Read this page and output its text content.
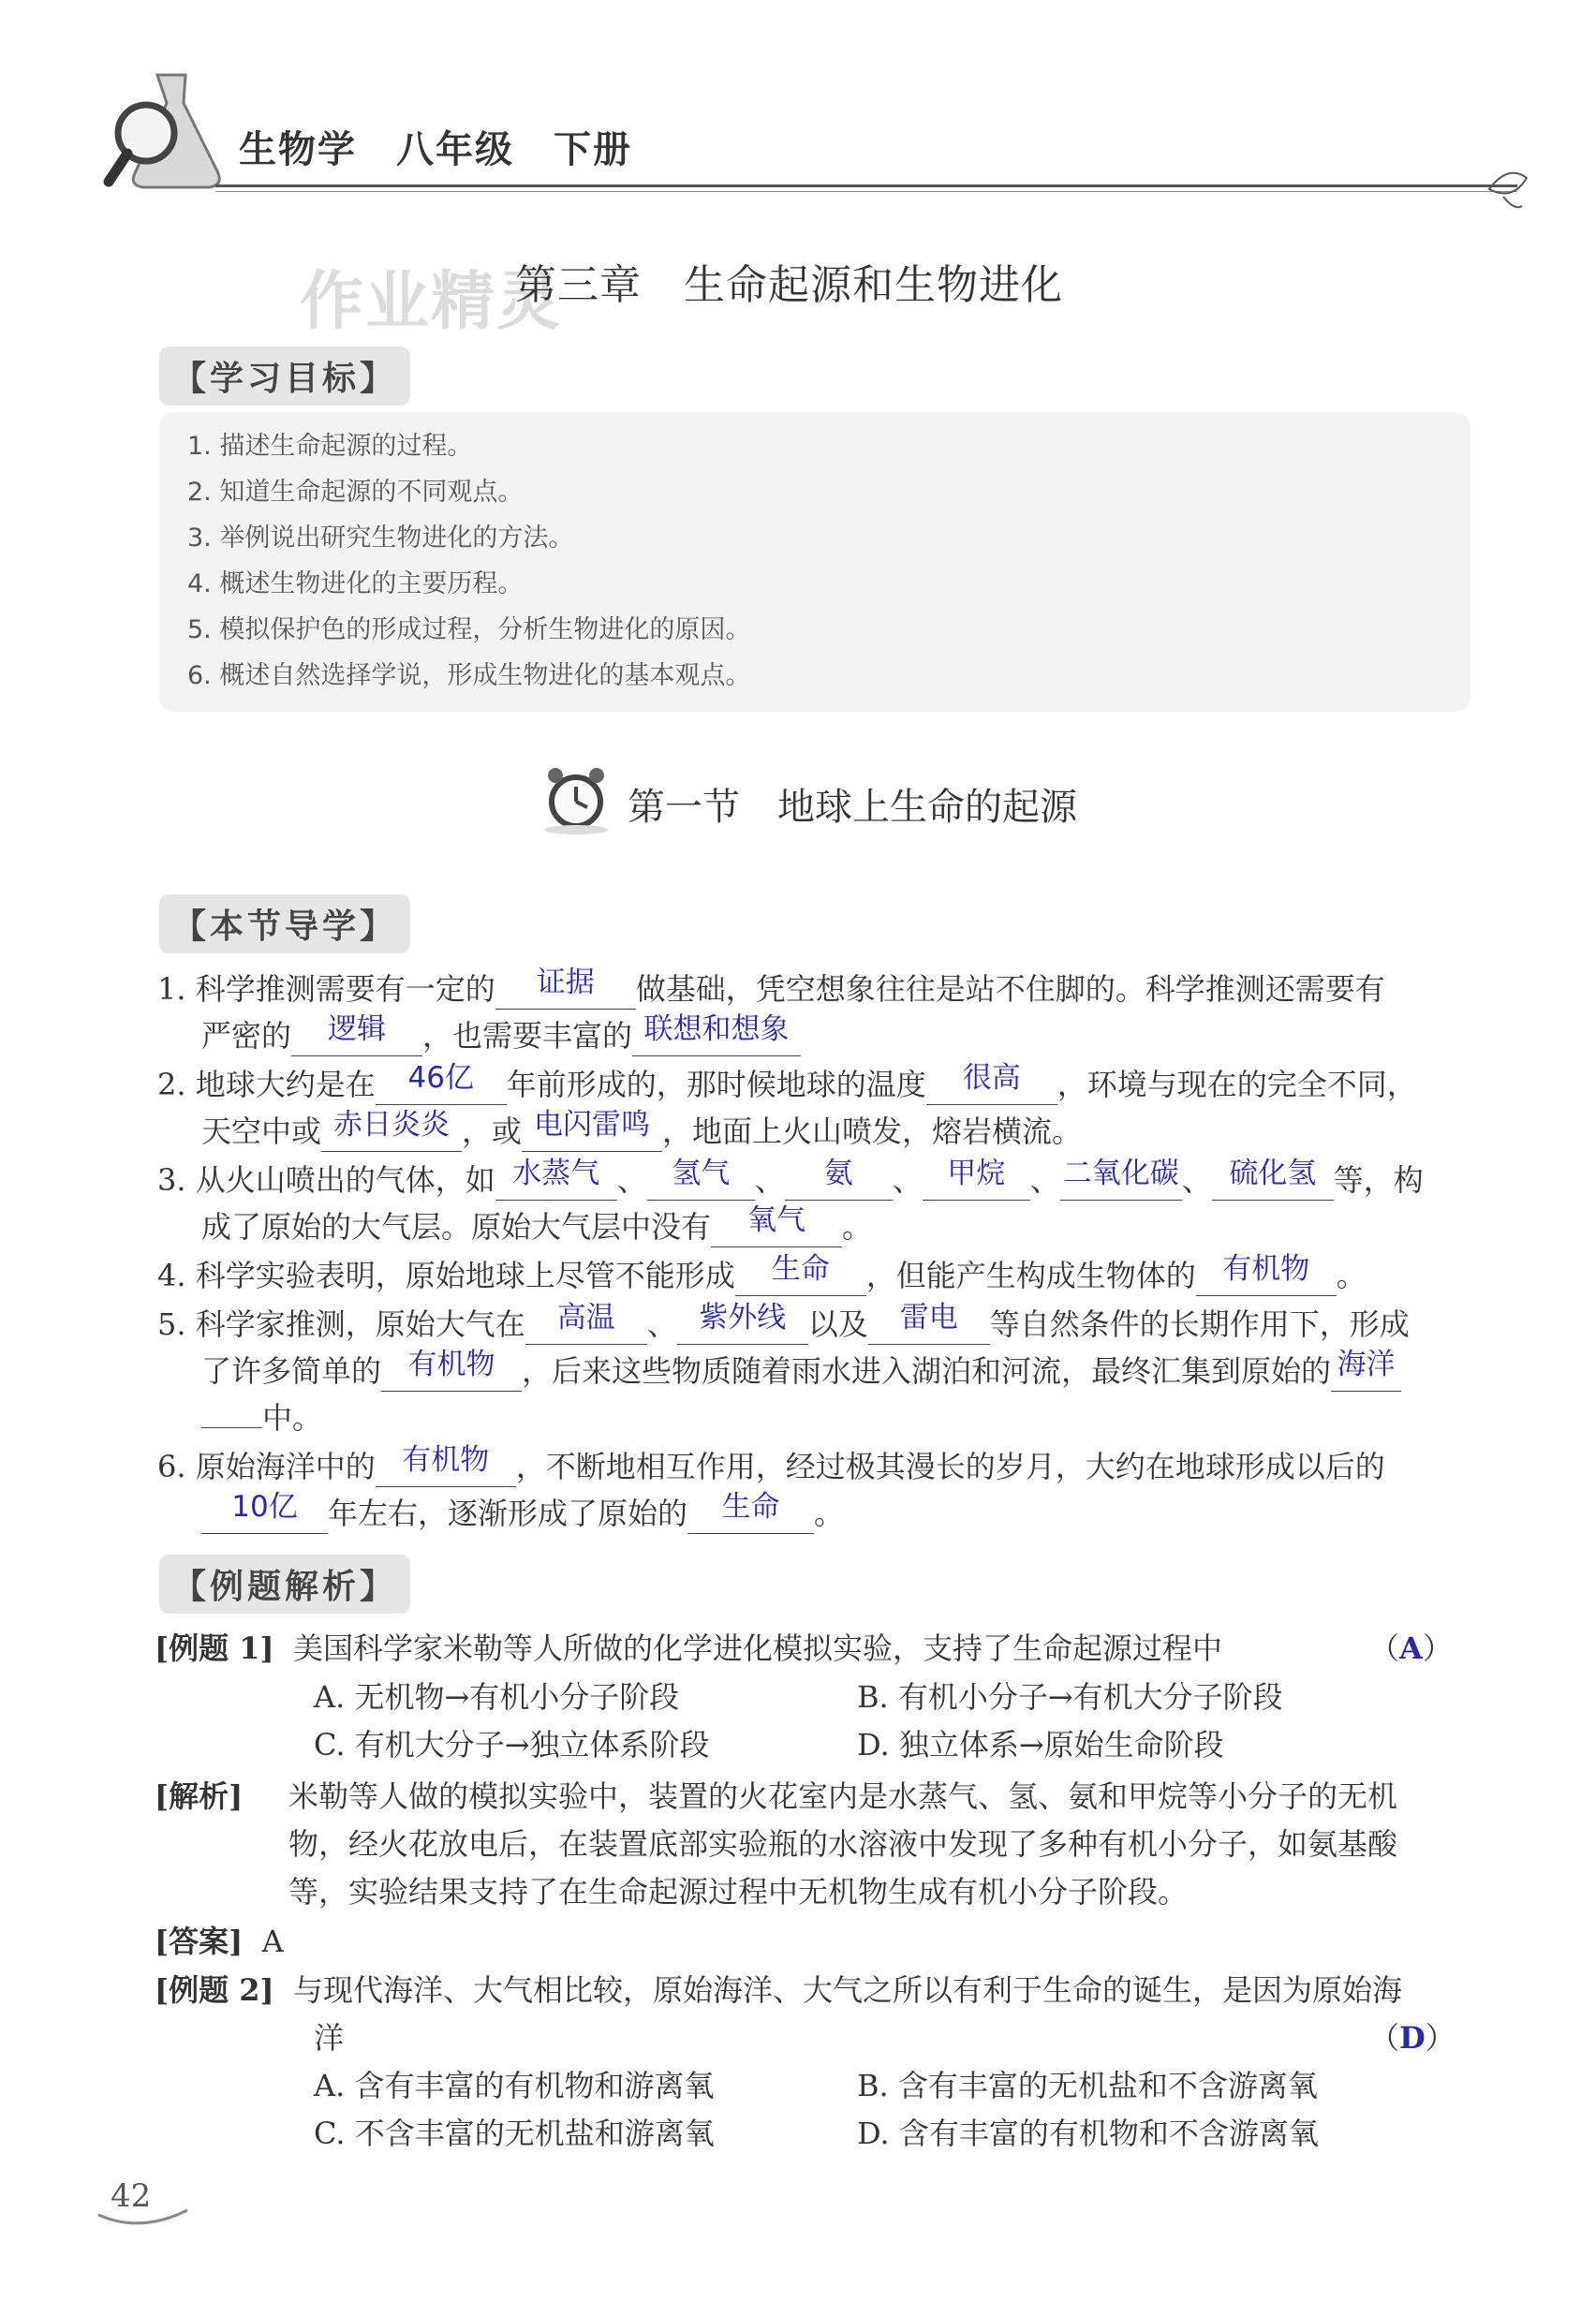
生物学　八年级　下册
作业精灵
第三章　生命起源和生物进化
【学习目标】
1. 描述生命起源的过程。
2. 知道生命起源的不同观点。
3. 举例说出研究生物进化的方法。
4. 概述生物进化的主要历程。
5. 模拟保护色的形成过程，分析生物进化的原因。
6. 概述自然选择学说，形成生物进化的基本观点。
第一节　地球上生命的起源
【本节导学】
1. 科学推测需要有一定的 证据 做基础，凭空想象往往是站不住脚的。科学推测还需要有
严密的 逻辑 ，也需要丰富的 联想和想象
2. 地球大约是在 46亿 年前形成的，那时候地球的温度 很高 ，环境与现在的完全不同，
天空中或 赤日炎炎 ，或 电闪雷鸣 ，地面上火山喷发，熔岩横流。
3. 从火山喷出的气体，如 水蒸气 、 氢气 、 氨 、 甲烷 、二氧化碳、 硫化氢 等，构
成了原始的大气层。原始大气层中没有 氧气 。
4. 科学实验表明，原始地球上尽管不能形成 生命 ，但能产生构成生物体的 有机物 。
5. 科学家推测，原始大气在 高温 、 紫外线 以及 雷电 等自然条件的长期作用下，形成
了许多简单的 有机物 ，后来这些物质随着雨水进入湖泊和河流，最终汇集到原始的 海洋
中。
6. 原始海洋中的 有机物 ，不断地相互作用，经过极其漫长的岁月，大约在地球形成以后的
10亿 年左右，逐渐形成了原始的 生命 。
【例题解析】
[例题 1] 美国科学家米勒等人所做的化学进化模拟实验，支持了生命起源过程中	（A）
A. 无机物→有机小分子阶段	B. 有机小分子→有机大分子阶段
C. 有机大分子→独立体系阶段	D. 独立体系→原始生命阶段
[解析] 米勒等人做的模拟实验中，装置的火花室内是水蒸气、氢、氨和甲烷等小分子的无机
物，经火花放电后，在装置底部实验瓶的水溶液中发现了多种有机小分子，如氨基酸
等，实验结果支持了在生命起源过程中无机物生成有机小分子阶段。
[答案] A
[例题 2] 与现代海洋、大气相比较，原始海洋、大气之所以有利于生命的诞生，是因为原始海
洋	（D）
A. 含有丰富的有机物和游离氧	B. 含有丰富的无机盐和不含游离氧
C. 不含丰富的无机盐和游离氧	D. 含有丰富的有机物和不含游离氧
42
